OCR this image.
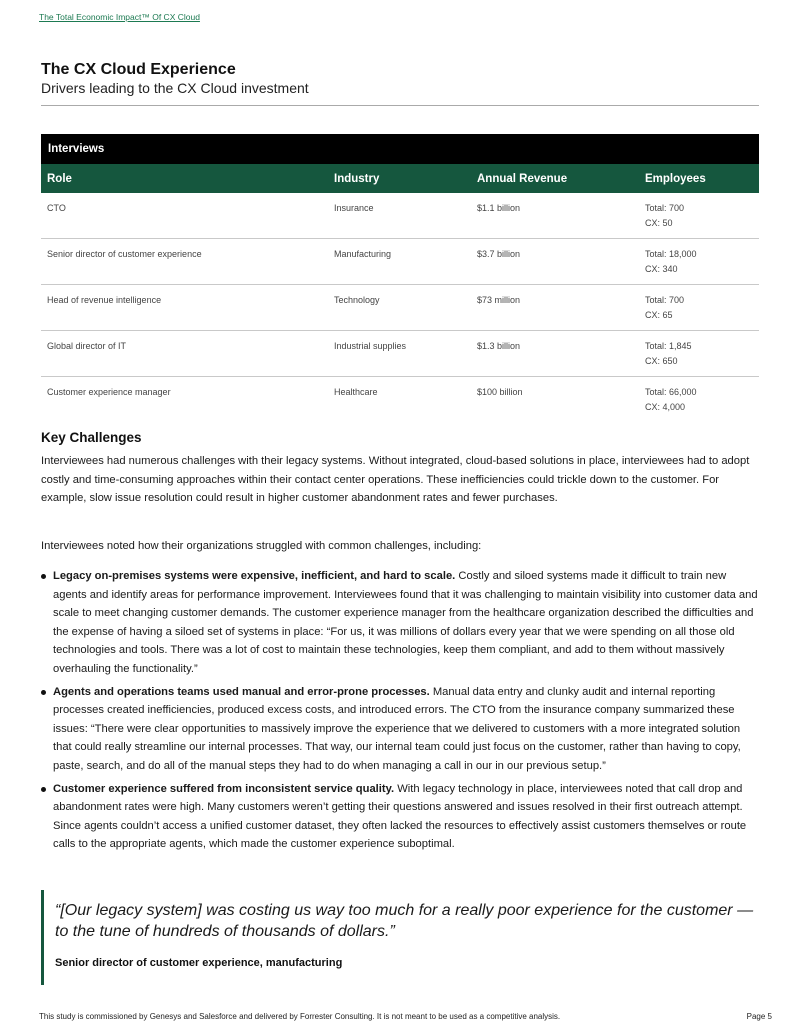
The Total Economic Impact™ Of CX Cloud
The CX Cloud Experience
Drivers leading to the CX Cloud investment
Interviews
Role	Industry	Annual Revenue	Employees
CTO	Insurance	$1.1 billion	Total: 700
CX: 50

Senior director of customer experience	Manufacturing	$3.7 billion	Total: 18,000
CX: 340

Head of revenue intelligence	Technology	$73 million	Total: 700
CX: 65

Global director of IT	Industrial supplies	$1.3 billion	Total: 1,845
CX: 650

Customer experience manager	Healthcare	$100 billion	Total: 66,000
CX: 4,000
Key Challenges
Interviewees had numerous challenges with their legacy systems. Without integrated, cloud-based solutions in place, interviewees had to adopt costly and time-consuming approaches within their contact center operations. These inefficiencies could trickle down to the customer. For example, slow issue resolution could result in higher customer abandonment rates and fewer purchases.
Interviewees noted how their organizations struggled with common challenges, including:
Legacy on-premises systems were expensive, inefficient, and hard to scale. Costly and siloed systems made it difficult to train new agents and identify areas for performance improvement. Interviewees found that it was challenging to maintain visibility into customer data and scale to meet changing customer demands. The customer experience manager from the healthcare organization described the difficulties and the expense of having a siloed set of systems in place: “For us, it was millions of dollars every year that we were spending on all those old technologies and tools. There was a lot of cost to maintain these technologies, keep them compliant, and add to them without massively overhauling the functionality.”
Agents and operations teams used manual and error-prone processes. Manual data entry and clunky audit and internal reporting processes created inefficiencies, produced excess costs, and introduced errors. The CTO from the insurance company summarized these issues: “There were clear opportunities to massively improve the experience that we delivered to customers with a more integrated solution that could really streamline our internal processes. That way, our internal team could just focus on the customer, rather than having to copy, paste, search, and do all of the manual steps they had to do when managing a call in our in our previous setup.”
Customer experience suffered from inconsistent service quality. With legacy technology in place, interviewees noted that call drop and abandonment rates were high. Many customers weren’t getting their questions answered and issues resolved in their first outreach attempt. Since agents couldn’t access a unified customer dataset, they often lacked the resources to effectively assist customers themselves or route calls to the appropriate agents, which made the customer experience suboptimal.
“[Our legacy system] was costing us way too much for a really poor experience for the customer — to the tune of hundreds of thousands of dollars.”
Senior director of customer experience, manufacturing
This study is commissioned by Genesys and Salesforce and delivered by Forrester Consulting. It is not meant to be used as a competitive analysis.	Page 5
